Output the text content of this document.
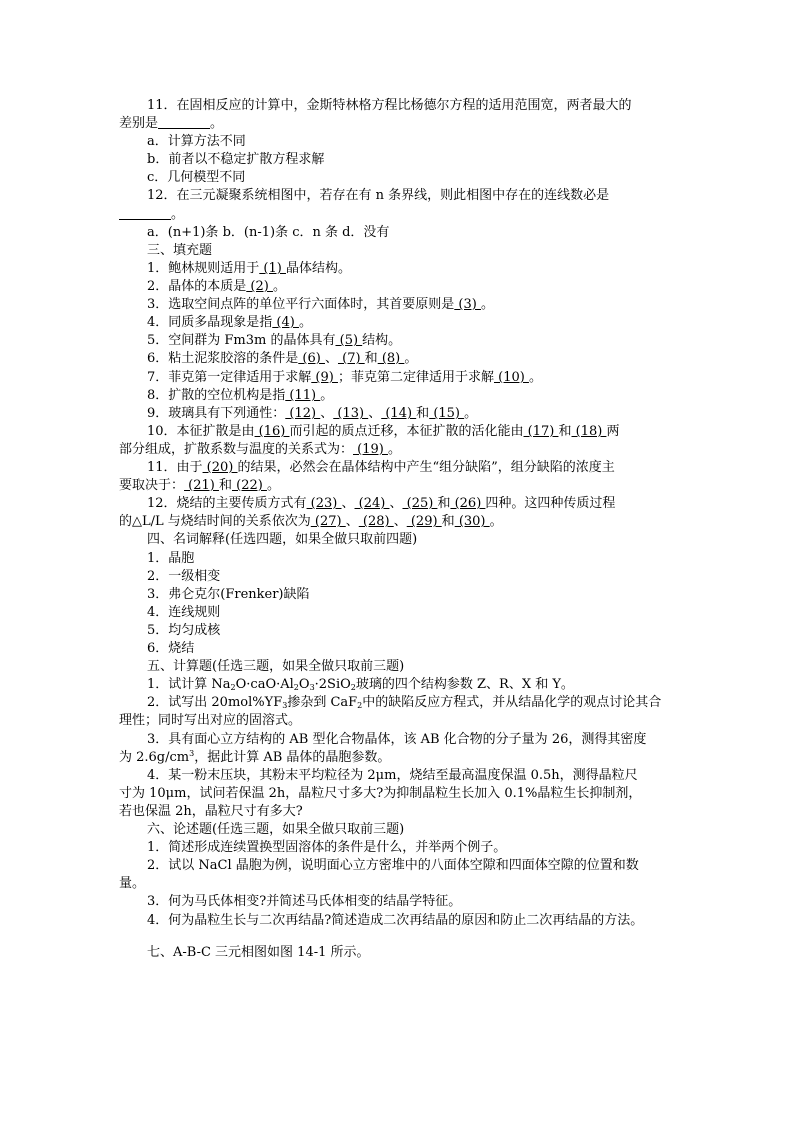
11．在固相反应的计算中，金斯特林格方程比杨德尔方程的适用范围宽，两者最大的
差别是　　　　	。
a．计算方法不同
b．前者以不稳定扩散方程求解
c．几何模型不同
12．在三元凝聚系统相图中，若存在有 n 条界线，则此相图中存在的连线数必是
　　　　。
a．(n+1)条 b．(n-1)条 c．n 条 d．没有
三、填充题
1．鲍林规则适用于 (1) 晶体结构。
2．晶体的本质是 (2) 。
3．选取空间点阵的单位平行六面体时，其首要原则是 (3) 。
4．同质多晶现象是指 (4) 。
5．空间群为 Fm3m 的晶体具有 (5) 结构。
6．粘土泥浆胶溶的条件是 (6) 、 (7) 和 (8) 。
7．菲克第一定律适用于求解 (9) ；菲克第二定律适用于求解 (10) 。
8．扩散的空位机构是指 (11) 。
9．玻璃具有下列通性： (12) 、 (13) 、 (14) 和 (15) 。
10．本征扩散是由 (16) 而引起的质点迁移，本征扩散的活化能由 (17) 和 (18) 两
部分组成，扩散系数与温度的关系式为： (19) 。
11．由于 (20) 的结果，必然会在晶体结构中产生“组分缺陷”，组分缺陷的浓度主
要取决于： (21) 和 (22) 。
12．烧结的主要传质方式有 (23) 、 (24) 、 (25) 和 (26) 四种。这四种传质过程
的△L/L 与烧结时间的关系依次为 (27) 、 (28) 、 (29) 和 (30) 。
四、名词解释(任选四题，如果全做只取前四题)
1．晶胞
2．一级相变
3．弗仑克尔(Frenker)缺陷
4．连线规则
5．均匀成核
6．烧结
五、计算题(任选三题，如果全做只取前三题)
1．试计算 $Na_2O\cdot caO\cdot Al_2O_3\cdot 2SiO_2$玻璃的四个结构参数 Z、R、X 和 Y。
2．试写出 $20mol\%YF_3$掺杂到 CaF$_2$中的缺陷反应方程式，并从结晶化学的观点讨论其合
理性；同时写出对应的固溶式。
3．具有面心立方结构的 AB 型化合物晶体，该 AB 化合物的分子量为 26，测得其密度
为 $2.6g/cm^3$，据此计算 AB 晶体的晶胞参数。
4．某一粉末压块，其粉末平均粒径为 2μm，烧结至最高温度保温 0.5h，测得晶粒尺
寸为 10μm，试问若保温 2h，晶粒尺寸多大?为抑制晶粒生长加入 0.1%晶粒生长抑制剂，
若也保温 2h，晶粒尺寸有多大?
六、论述题(任选三题，如果全做只取前三题)
1．简述形成连续置换型固溶体的条件是什么，并举两个例子。
2．试以 NaCl 晶胞为例，说明面心立方密堆中的八面体空隙和四面体空隙的位置和数
量。
3．何为马氏体相变?并简述马氏体相变的结晶学特征。
4．何为晶粒生长与二次再结晶?简述造成二次再结晶的原因和防止二次再结晶的方法。
七、A-B-C 三元相图如图 14-1 所示。
